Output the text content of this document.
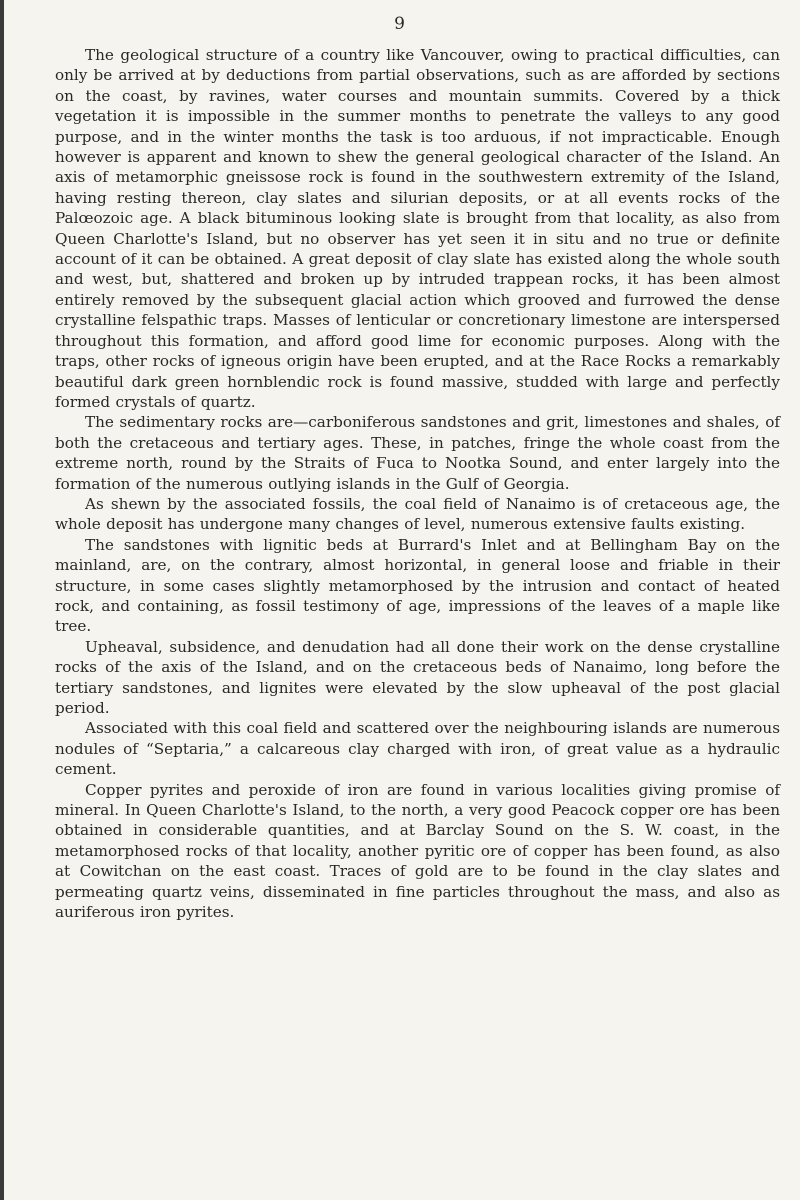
9

The geological structure of a country like Vancouver, owing to practical difficulties, can only be arrived at by deductions from partial observations, such as are afforded by sections on the coast, by ravines, water courses and mountain summits. Covered by a thick vegetation it is impossible in the summer months to penetrate the valleys to any good purpose, and in the winter months the task is too arduous, if not impracticable. Enough however is apparent and known to shew the general geological character of the Island. An axis of metamorphic gneissose rock is found in the southwestern extremity of the Island, having resting thereon, clay slates and silurian deposits, or at all events rocks of the Palœozoic age. A black bituminous looking slate is brought from that locality, as also from Queen Charlotte's Island, but no observer has yet seen it in situ and no true or definite account of it can be obtained. A great deposit of clay slate has existed along the whole south and west, but, shattered and broken up by intruded trappean rocks, it has been almost entirely removed by the subsequent glacial action which grooved and furrowed the dense crystalline felspathic traps. Masses of lenticular or concretionary limestone are interspersed throughout this formation, and afford good lime for economic purposes. Along with the traps, other rocks of igneous origin have been erupted, and at the Race Rocks a remarkably beautiful dark green hornblendic rock is found massive, studded with large and perfectly formed crystals of quartz.

The sedimentary rocks are—carboniferous sandstones and grit, limestones and shales, of both the cretaceous and tertiary ages. These, in patches, fringe the whole coast from the extreme north, round by the Straits of Fuca to Nootka Sound, and enter largely into the formation of the numerous outlying islands in the Gulf of Georgia.

As shewn by the associated fossils, the coal field of Nanaimo is of cretaceous age, the whole deposit has undergone many changes of level, numerous extensive faults existing.

The sandstones with lignitic beds at Burrard's Inlet and at Bellingham Bay on the mainland, are, on the contrary, almost horizontal, in general loose and friable in their structure, in some cases slightly metamorphosed by the intrusion and contact of heated rock, and containing, as fossil testimony of age, impressions of the leaves of a maple like tree.

Upheaval, subsidence, and denudation had all done their work on the dense crystalline rocks of the axis of the Island, and on the cretaceous beds of Nanaimo, long before the tertiary sandstones, and lignites were elevated by the slow upheaval of the post glacial period.

Associated with this coal field and scattered over the neighbouring islands are numerous nodules of “Septaria,” a calcareous clay charged with iron, of great value as a hydraulic cement.

Copper pyrites and peroxide of iron are found in various localities giving promise of mineral. In Queen Charlotte's Island, to the north, a very good Peacock copper ore has been obtained in considerable quantities, and at Barclay Sound on the S. W. coast, in the metamorphosed rocks of that locality, another pyritic ore of copper has been found, as also at Cowitchan on the east coast. Traces of gold are to be found in the clay slates and permeating quartz veins, disseminated in fine particles throughout the mass, and also as auriferous iron pyrites.
